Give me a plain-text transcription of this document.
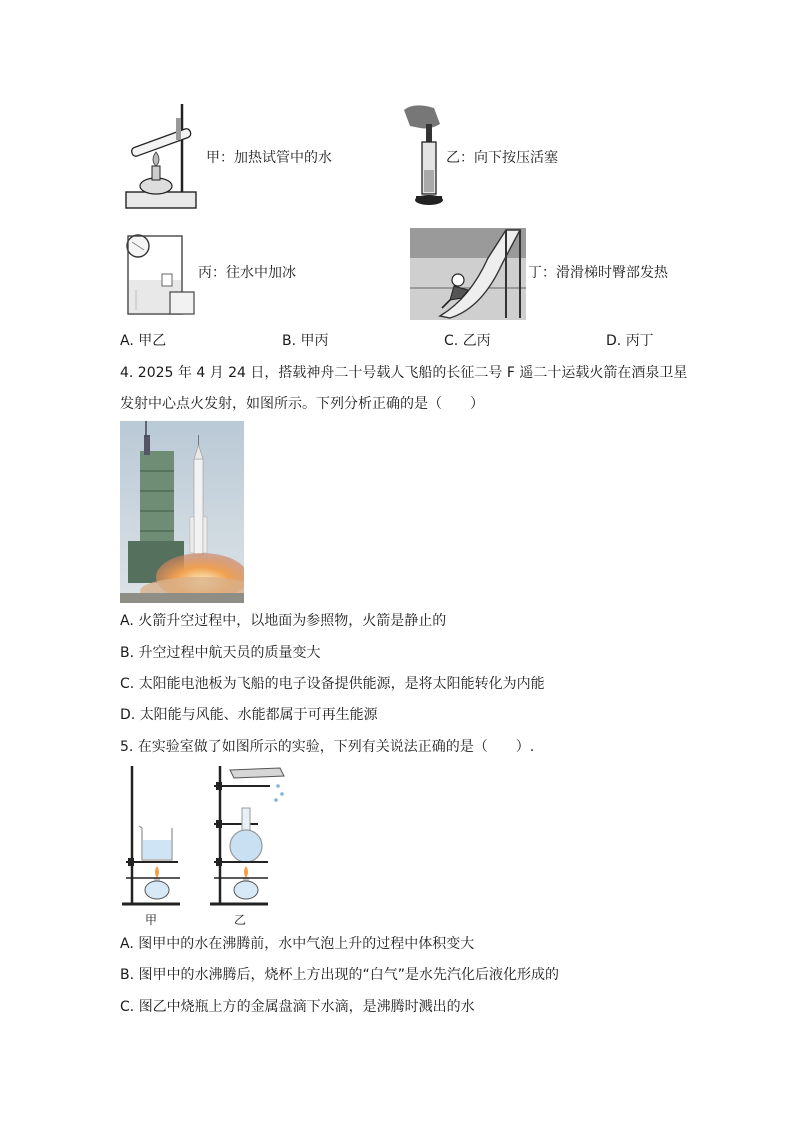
甲：加热试管中的水	乙：向下按压活塞
丙：往水中加冰	丁：滑滑梯时臀部发热
A. 甲乙	B. 甲丙	C. 乙丙	D. 丙丁
4. 2025 年 4 月 24 日，搭载神舟二十号载人飞船的长征二号 F 遥二十运载火箭在酒泉卫星
发射中心点火发射，如图所示。下列分析正确的是（　　）
A. 火箭升空过程中，以地面为参照物，火箭是静止的
B. 升空过程中航天员的质量变大
C. 太阳能电池板为飞船的电子设备提供能源，是将太阳能转化为内能
D. 太阳能与风能、水能都属于可再生能源
5. 在实验室做了如图所示的实验，下列有关说法正确的是（　　）.
甲	乙
A. 图甲中的水在沸腾前，水中气泡上升的过程中体积变大
B. 图甲中的水沸腾后，烧杯上方出现的“白气”是水先汽化后液化形成的
C. 图乙中烧瓶上方的金属盘滴下水滴，是沸腾时溅出的水
